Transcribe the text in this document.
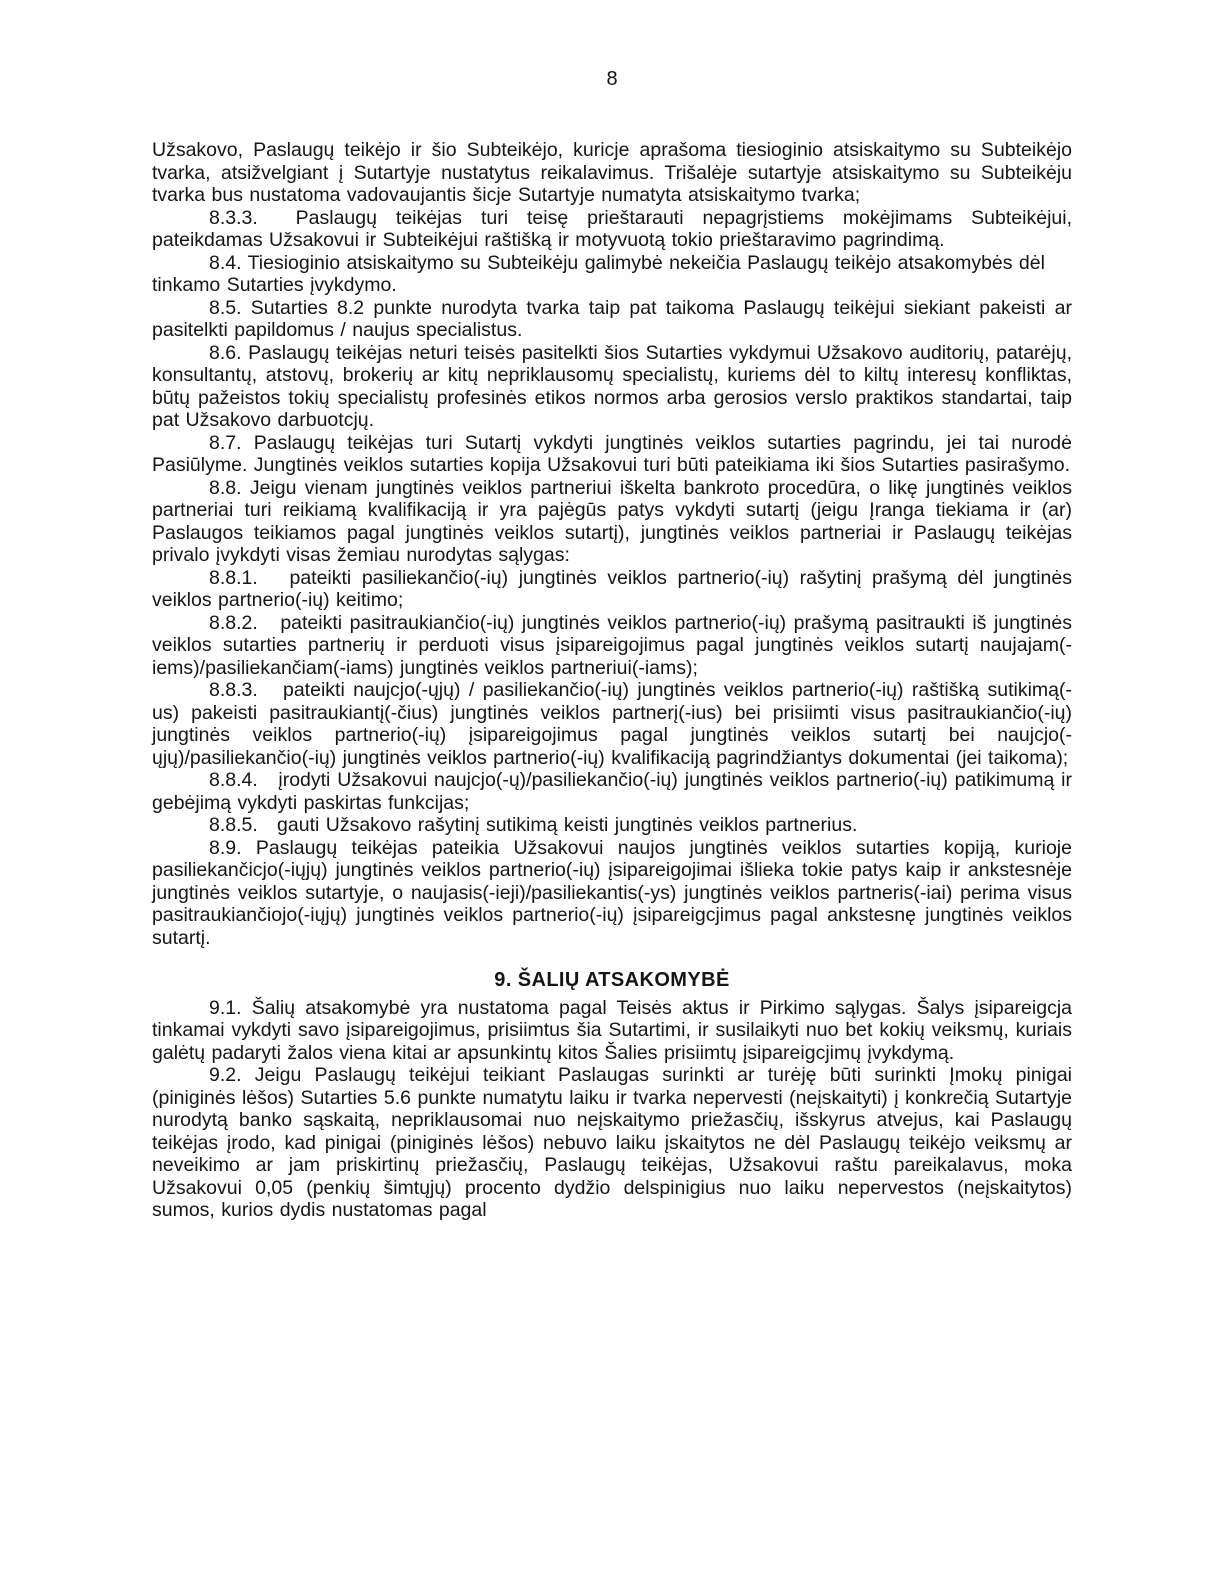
8

Užsakovo, Paslaugų teikėjo ir šio Subteikėjo, kuricje aprašoma tiesioginio atsiskaitymo su Subteikėjo tvarka, atsižvelgiant į Sutartyje nustatytus reikalavimus. Trišalėje sutartyje atsiskaitymo su Subteikėju tvarka bus nustatoma vadovaujantis šicje Sutartyje numatyta atsiskaitymo tvarka;

8.3.3.  Paslaugų teikėjas turi teisę prieštarauti nepagrįstiems mokėjimams Subteikėjui, pateikdamas Užsakovui ir Subteikėjui raštišką ir motyvuotą tokio prieštaravimo pagrindimą.

8.4. Tiesioginio atsiskaitymo su Subteikėju galimybė nekeičia Paslaugų teikėjo atsakomybės dėl tinkamo Sutarties įvykdymo.

8.5. Sutarties 8.2 punkte nurodyta tvarka taip pat taikoma Paslaugų teikėjui siekiant pakeisti ar pasitelkti papildomus / naujus specialistus.

8.6. Paslaugų teikėjas neturi teisės pasitelkti šios Sutarties vykdymui Užsakovo auditorių, patarėjų, konsultantų, atstovų, brokerių ar kitų nepriklausomų specialistų, kuriems dėl to kiltų interesų konfliktas, būtų pažeistos tokių specialistų profesinės etikos normos arba gerosios verslo praktikos standartai, taip pat Užsakovo darbuotcjų.

8.7. Paslaugų teikėjas turi Sutartį vykdyti jungtinės veiklos sutarties pagrindu, jei tai nurodė Pasiūlyme. Jungtinės veiklos sutarties kopija Užsakovui turi būti pateikiama iki šios Sutarties pasirašymo.

8.8. Jeigu vienam jungtinės veiklos partneriui iškelta bankroto procedūra, o likę jungtinės veiklos partneriai turi reikiamą kvalifikaciją ir yra pajėgūs patys vykdyti sutartį (jeigu Įranga tiekiama ir (ar) Paslaugos teikiamos pagal jungtinės veiklos sutartį), jungtinės veiklos partneriai ir Paslaugų teikėjas privalo įvykdyti visas žemiau nurodytas sąlygas:

8.8.1.   pateikti pasiliekančio(-ių) jungtinės veiklos partnerio(-ių) rašytinį prašymą dėl jungtinės veiklos partnerio(-ių) keitimo;

8.8.2.   pateikti pasitraukiančio(-ių) jungtinės veiklos partnerio(-ių) prašymą pasitraukti iš jungtinės veiklos sutarties partnerių ir perduoti visus įsipareigojimus pagal jungtinės veiklos sutartį naujajam(-iems)/pasiliekančiam(-iams) jungtinės veiklos partneriui(-iams);

8.8.3.   pateikti naujcjo(-ųjų) / pasiliekančio(-ių) jungtinės veiklos partnerio(-ių) raštišką sutikimą(-us) pakeisti pasitraukiantį(-čius) jungtinės veiklos partnerį(-ius) bei prisiimti visus pasitraukiančio(-ių) jungtinės veiklos partnerio(-ių) įsipareigojimus pagal jungtinės veiklos sutartį bei naujcjo(-ųjų)/pasiliekančio(-ių) jungtinės veiklos partnerio(-ių) kvalifikaciją pagrindžiantys dokumentai (jei taikoma);

8.8.4.   įrodyti Užsakovui naujcjo(-ų)/pasiliekančio(-ių) jungtinės veiklos partnerio(-ių) patikimumą ir gebėjimą vykdyti paskirtas funkcijas;

8.8.5.   gauti Užsakovo rašytinį sutikimą keisti jungtinės veiklos partnerius.

8.9. Paslaugų teikėjas pateikia Užsakovui naujos jungtinės veiklos sutarties kopiją, kurioje pasiliekančicjo(-iųjų) jungtinės veiklos partnerio(-ių) įsipareigojimai išlieka tokie patys kaip ir ankstesnėje jungtinės veiklos sutartyje, o naujasis(-ieji)/pasiliekantis(-ys) jungtinės veiklos partneris(-iai) perima visus pasitraukiančiojo(-iųjų) jungtinės veiklos partnerio(-ių) įsipareigcjimus pagal ankstesnę jungtinės veiklos sutartį.

9. ŠALIŲ ATSAKOMYBĖ

9.1. Šalių atsakomybė yra nustatoma pagal Teisės aktus ir Pirkimo sąlygas. Šalys įsipareigcja tinkamai vykdyti savo įsipareigojimus, prisiimtus šia Sutartimi, ir susilaikyti nuo bet kokių veiksmų, kuriais galėtų padaryti žalos viena kitai ar apsunkintų kitos Šalies prisiimtų įsipareigcjimų įvykdymą.

9.2. Jeigu Paslaugų teikėjui teikiant Paslaugas surinkti ar turėję būti surinkti Įmokų pinigai (piniginės lėšos) Sutarties 5.6 punkte numatytu laiku ir tvarka nepervesti (neįskaityti) į konkrečią Sutartyje nurodytą banko sąskaitą, nepriklausomai nuo neįskaitymo priežasčių, išskyrus atvejus, kai Paslaugų teikėjas įrodo, kad pinigai (piniginės lėšos) nebuvo laiku įskaitytos ne dėl Paslaugų teikėjo veiksmų ar neveikimo ar jam priskirtinų priežasčių, Paslaugų teikėjas, Užsakovui raštu pareikalavus, moka Užsakovui 0,05 (penkių šimtųjų) procento dydžio delspinigius nuo laiku nepervestos (neįskaitytos) sumos, kurios dydis nustatomas pagal
